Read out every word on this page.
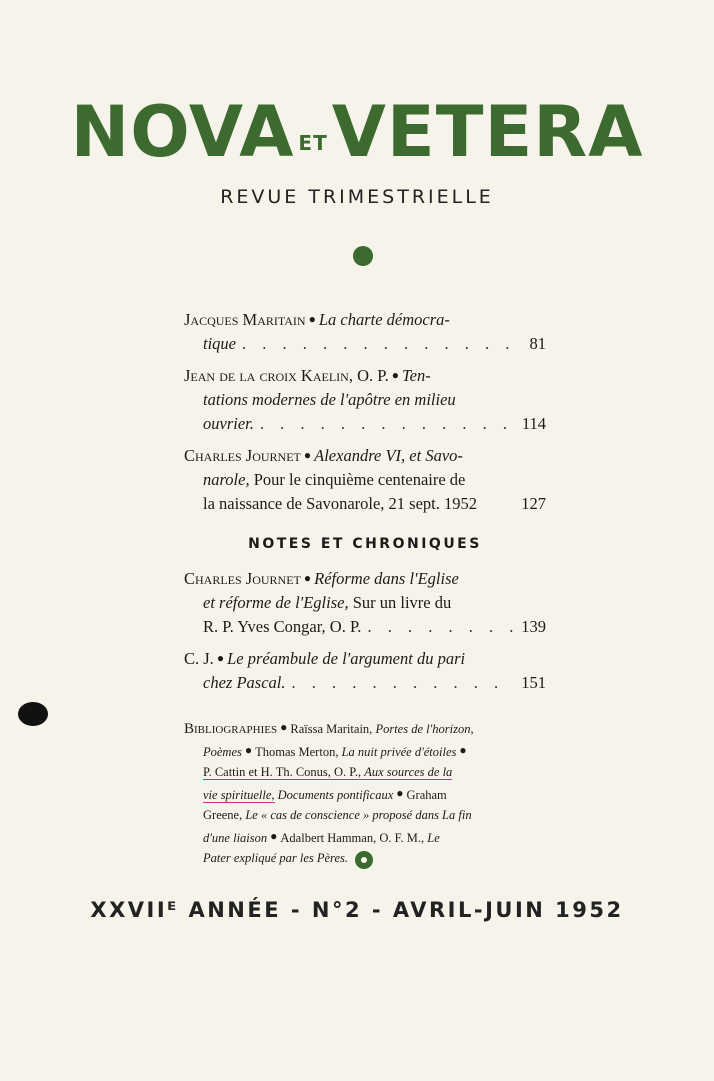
NOVA ETVETERA
REVUE TRIMESTRIELLE
Jacques Maritain ● La charte démocra-
tique . . .	81
Jean de la croix Kaelin, O. P. ● Ten-
tations modernes de l'apôtre en milieu
ouvrier. . . .	114
Charles Journet ● Alexandre VI, et Savo-
narole, Pour le cinquième centenaire de
la naissance de Savonarole, 21 sept. 1952	127
NOTES ET CHRONIQUES
Charles Journet ● Réforme dans l'Eglise
et réforme de l'Eglise, Sur un livre du
R. P. Yves Congar, O. P. . . .	139
C. J. ● Le préambule de l'argument du pari
chez Pascal. . . .	151
Bibliographies ● Raïssa Maritain, Portes de l'horizon,
Poèmes ● Thomas Merton, La nuit privée d'étoiles ●
P. Cattin et H. Th. Conus, O. P., Aux sources de la
vie spirituelle, Documents pontificaux ● Graham
Greene, Le « cas de conscience » proposé dans La fin
d'une liaison ● Adalbert Hamman, O. F. M., Le
Pater expliqué par les Pères.
XXVIIᴱ ANNÉE - N°2 - AVRIL-JUIN 1952
